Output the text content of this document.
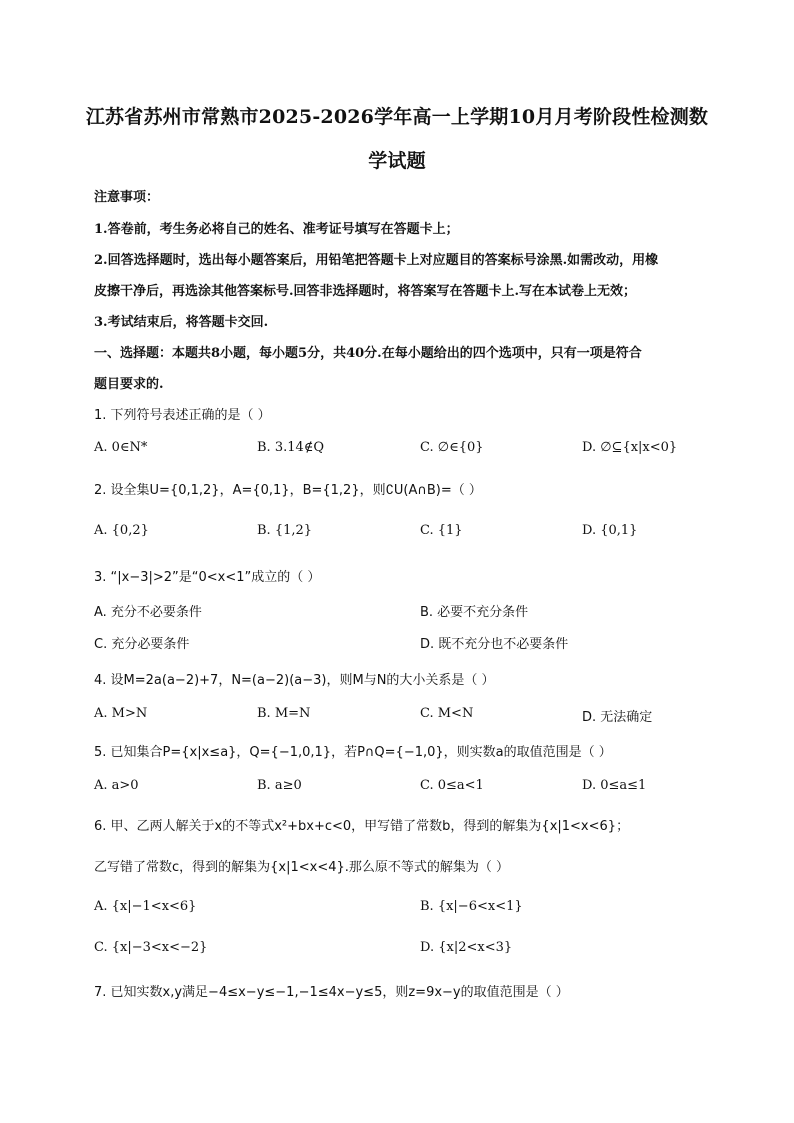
江苏省苏州市常熟市2025-2026学年高一上学期10月月考阶段性检测数
学试题
注意事项：
1.答卷前，考生务必将自己的姓名、准考证号填写在答题卡上；
2.回答选择题时，选出每小题答案后，用铅笔把答题卡上对应题目的答案标号涂黑.如需改动，用橡
皮擦干净后，再选涂其他答案标号.回答非选择题时，将答案写在答题卡上.写在本试卷上无效；
3.考试结束后，将答题卡交回.
一、选择题：本题共8小题，每小题5分，共40分.在每小题给出的四个选项中，只有一项是符合
题目要求的.
1. 下列符号表述正确的是（ ）
A. 0∈N*	B. 3.14∉Q	C. ∅∈{0}	D. ∅⊆{x|x<0}
2. 设全集U={0,1,2}，A={0,1}，B={1,2}，则∁U(A∩B)=（ ）
A. {0,2}	B. {1,2}	C. {1}	D. {0,1}
3. “|x−3|>2”是“0<x<1”成立的（ ）
A. 充分不必要条件	B. 必要不充分条件
C. 充分必要条件	D. 既不充分也不必要条件
4. 设M=2a(a−2)+7，N=(a−2)(a−3)，则M与N的大小关系是（ ）
A. M>N	B. M=N	C. M<N	D. 无法确定
5. 已知集合P={x|x≤a}，Q={−1,0,1}，若P∩Q={−1,0}，则实数a的取值范围是（ ）
A. a>0	B. a≥0	C. 0≤a<1	D. 0≤a≤1
6. 甲、乙两人解关于x的不等式x²+bx+c<0，甲写错了常数b，得到的解集为{x|1<x<6}；
乙写错了常数c，得到的解集为{x|1<x<4}.那么原不等式的解集为（ ）
A. {x|−1<x<6}	B. {x|−6<x<1}
C. {x|−3<x<−2}	D. {x|2<x<3}
7. 已知实数x,y满足−4≤x−y≤−1,−1≤4x−y≤5，则z=9x−y的取值范围是（ ）
